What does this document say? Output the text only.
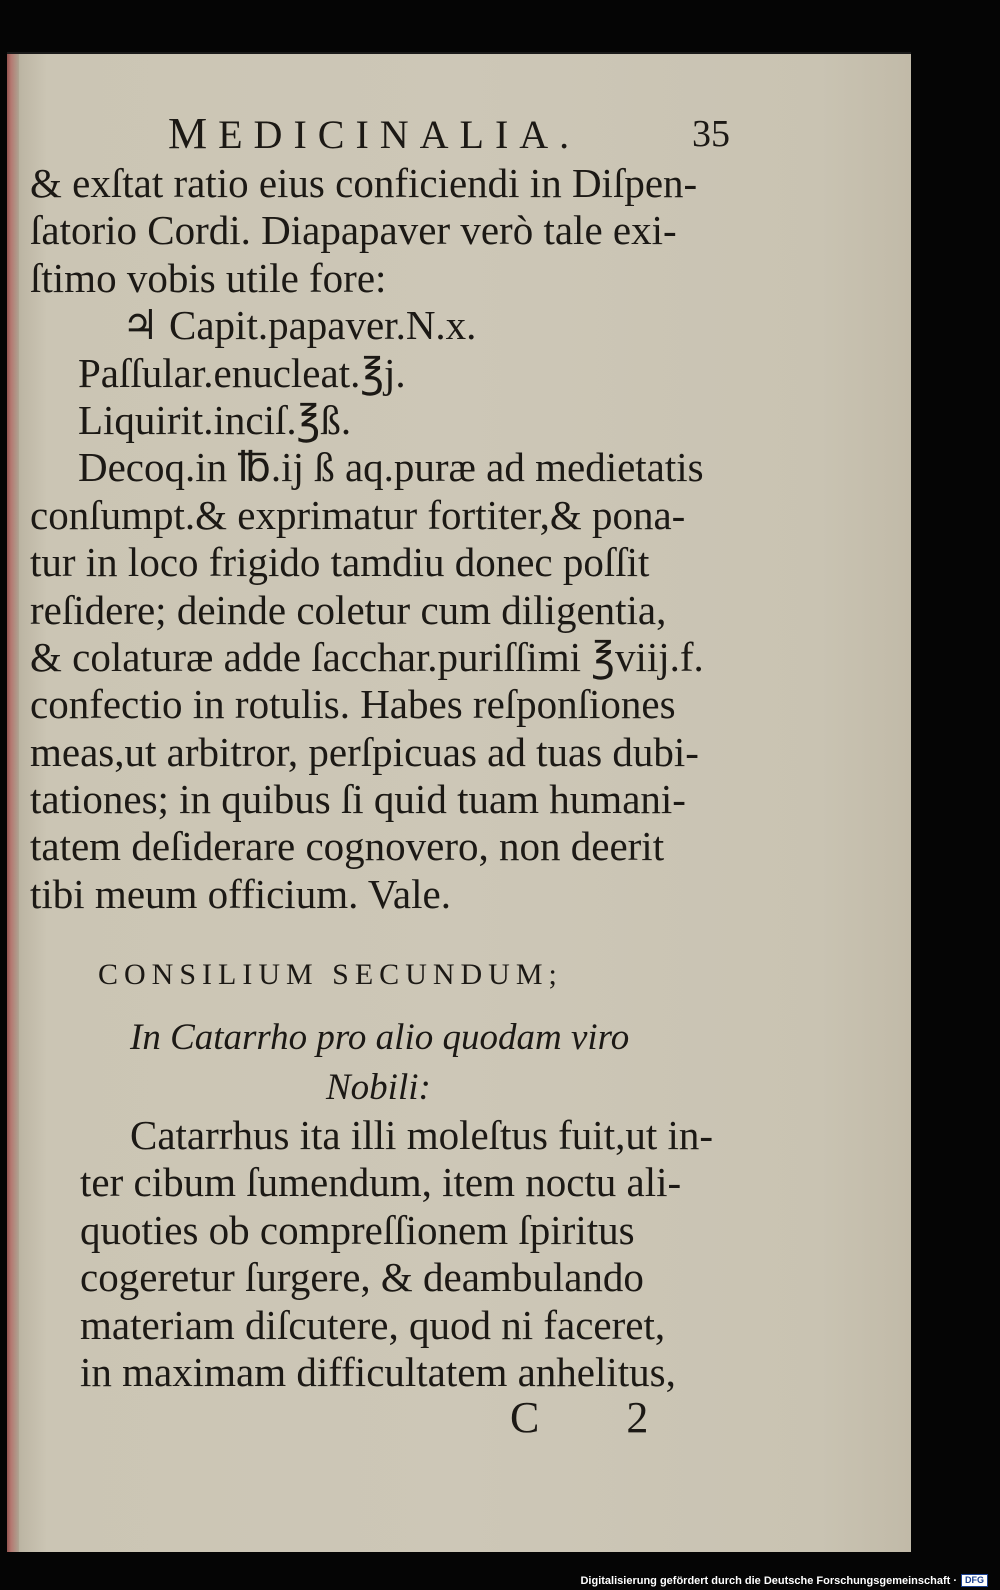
MEDICINALIA.	35
& exſtat ratio eius conficiendi in Diſpen-
ſatorio Cordi. Diapapaver verò tale exi-
ſtimo vobis utile fore:
♃ Capit.papaver.N.x.
Paſſular.enucleat.℥j.
Liquirit.inciſ.℥ß.
Decoq.in ℔.ij ß aq.puræ ad medietatis
conſumpt.& exprimatur fortiter,& pona-
tur in loco frigido tamdiu donec poſſit
reſidere; deinde coletur cum diligentia,
& colaturæ adde ſacchar.puriſſimi ℥viij.f.
confectio in rotulis. Habes reſponſiones
meas,ut arbitror, perſpicuas ad tuas dubi-
tationes; in quibus ſi quid tuam humani-
tatem deſiderare cognovero, non deerit
tibi meum officium. Vale.
CONSILIUM SECUNDUM;
In Catarrho pro alio quodam viro
Nobili:
Catarrhus ita illi moleſtus fuit,ut in-
ter cibum ſumendum, item noctu ali-
quoties ob compreſſionem ſpiritus
cogeretur ſurgere, & deambulando
materiam diſcutere, quod ni faceret,
in maximam difficultatem anhelitus,
C 2
Digitalisierung gefördert durch die Deutsche Forschungsgemeinschaft · DFG
